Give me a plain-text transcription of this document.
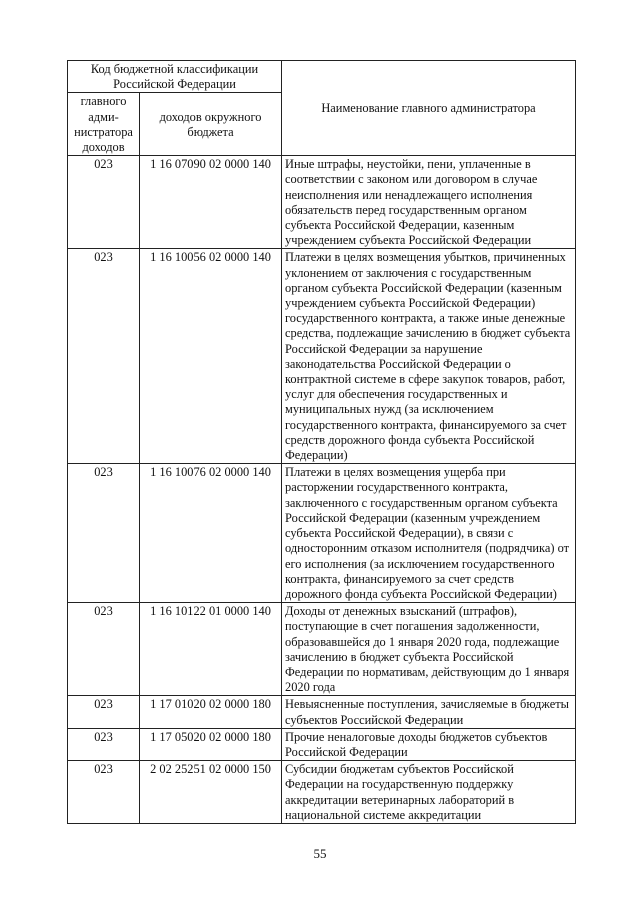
Код бюджетной классификации Российской Федерации		Наименование главного администратора
главного адми-нистратора доходов	доходов окружного бюджета	
023	1 16 07090 02 0000 140	Иные штрафы, неустойки, пени, уплаченные в соответствии с законом или договором в случае неисполнения или ненадлежащего исполнения обязательств перед государственным органом субъекта Российской Федерации, казенным учреждением субъекта Российской Федерации
023	1 16 10056 02 0000 140	Платежи в целях возмещения убытков, причиненных уклонением от заключения с государственным органом субъекта Российской Федерации (казенным учреждением субъекта Российской Федерации) государственного контракта, а также иные денежные средства, подлежащие зачислению в бюджет субъекта Российской Федерации за нарушение законодательства Российской Федерации о контрактной системе в сфере закупок товаров, работ, услуг для обеспечения государственных и муниципальных нужд (за исключением государственного контракта, финансируемого за счет средств дорожного фонда субъекта Российской Федерации)
023	1 16 10076 02 0000 140	Платежи в целях возмещения ущерба при расторжении государственного контракта, заключенного с государственным органом субъекта Российской Федерации (казенным учреждением субъекта Российской Федерации), в связи с односторонним отказом исполнителя (подрядчика) от его исполнения (за исключением государственного контракта, финансируемого за счет средств дорожного фонда субъекта Российской Федерации)
023	1 16 10122 01 0000 140	Доходы от денежных взысканий (штрафов), поступающие в счет погашения задолженности, образовавшейся до 1 января 2020 года, подлежащие зачислению в бюджет субъекта Российской Федерации по нормативам, действующим до 1 января 2020 года
023	1 17 01020 02 0000 180	Невыясненные поступления, зачисляемые в бюджеты субъектов Российской Федерации
023	1 17 05020 02 0000 180	Прочие неналоговые доходы бюджетов субъектов Российской Федерации
023	2 02 25251 02 0000 150	Субсидии бюджетам субъектов Российской Федерации на государственную поддержку аккредитации ветеринарных лабораторий в национальной системе аккредитации
55
